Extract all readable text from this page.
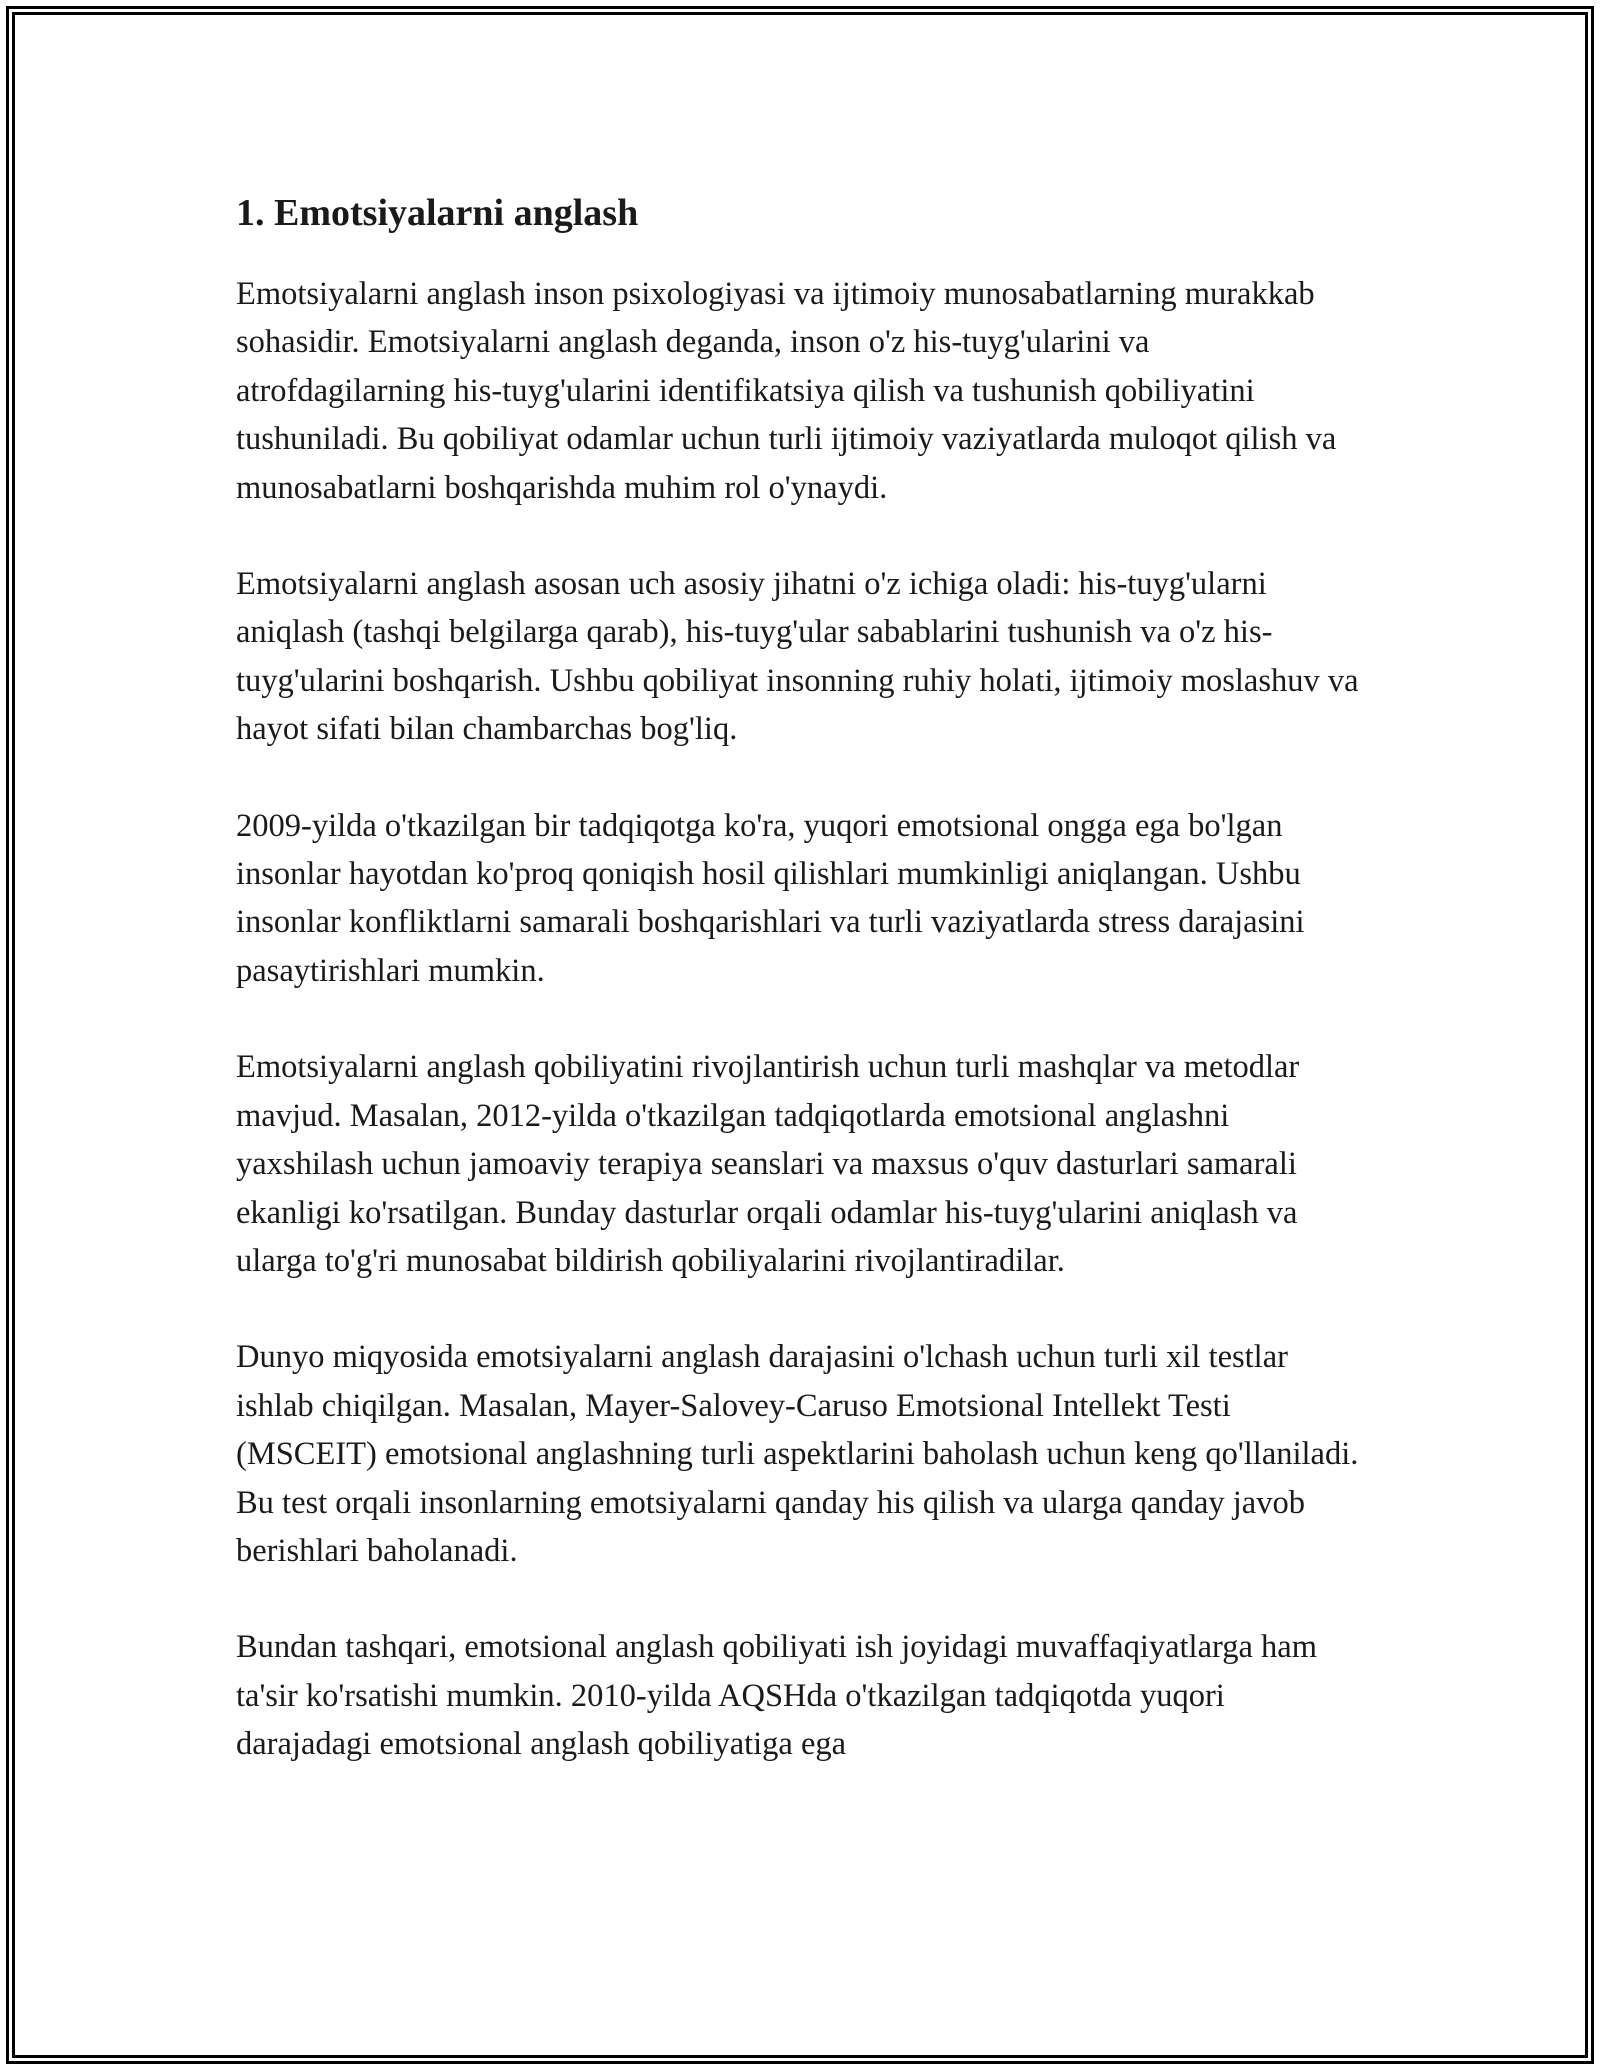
1. Emotsiyalarni anglash

Emotsiyalarni anglash inson psixologiyasi va ijtimoiy munosabatlarning murakkab sohasidir. Emotsiyalarni anglash deganda, inson o'z his-tuyg'ularini va atrofdagilarning his-tuyg'ularini identifikatsiya qilish va tushunish qobiliyatini tushuniladi. Bu qobiliyat odamlar uchun turli ijtimoiy vaziyatlarda muloqot qilish va munosabatlarni boshqarishda muhim rol o'ynaydi.

Emotsiyalarni anglash asosan uch asosiy jihatni o'z ichiga oladi: his-tuyg'ularni aniqlash (tashqi belgilarga qarab), his-tuyg'ular sabablarini tushunish va o'z his-tuyg'ularini boshqarish. Ushbu qobiliyat insonning ruhiy holati, ijtimoiy moslashuv va hayot sifati bilan chambarchas bog'liq.

2009-yilda o'tkazilgan bir tadqiqotga ko'ra, yuqori emotsional ongga ega bo'lgan insonlar hayotdan ko'proq qoniqish hosil qilishlari mumkinligi aniqlangan. Ushbu insonlar konfliktlarni samarali boshqarishlari va turli vaziyatlarda stress darajasini pasaytirishlari mumkin.

Emotsiyalarni anglash qobiliyatini rivojlantirish uchun turli mashqlar va metodlar mavjud. Masalan, 2012-yilda o'tkazilgan tadqiqotlarda emotsional anglashni yaxshilash uchun jamoaviy terapiya seanslari va maxsus o'quv dasturlari samarali ekanligi ko'rsatilgan. Bunday dasturlar orqali odamlar his-tuyg'ularini aniqlash va ularga to'g'ri munosabat bildirish qobiliyalarini rivojlantiradilar.

Dunyo miqyosida emotsiyalarni anglash darajasini o'lchash uchun turli xil testlar ishlab chiqilgan. Masalan, Mayer-Salovey-Caruso Emotsional Intellekt Testi (MSCEIT) emotsional anglashning turli aspektlarini baholash uchun keng qo'llaniladi. Bu test orqali insonlarning emotsiyalarni qanday his qilish va ularga qanday javob berishlari baholanadi.

Bundan tashqari, emotsional anglash qobiliyati ish joyidagi muvaffaqiyatlarga ham ta'sir ko'rsatishi mumkin. 2010-yilda AQSHda o'tkazilgan tadqiqotda yuqori darajadagi emotsional anglash qobiliyatiga ega
